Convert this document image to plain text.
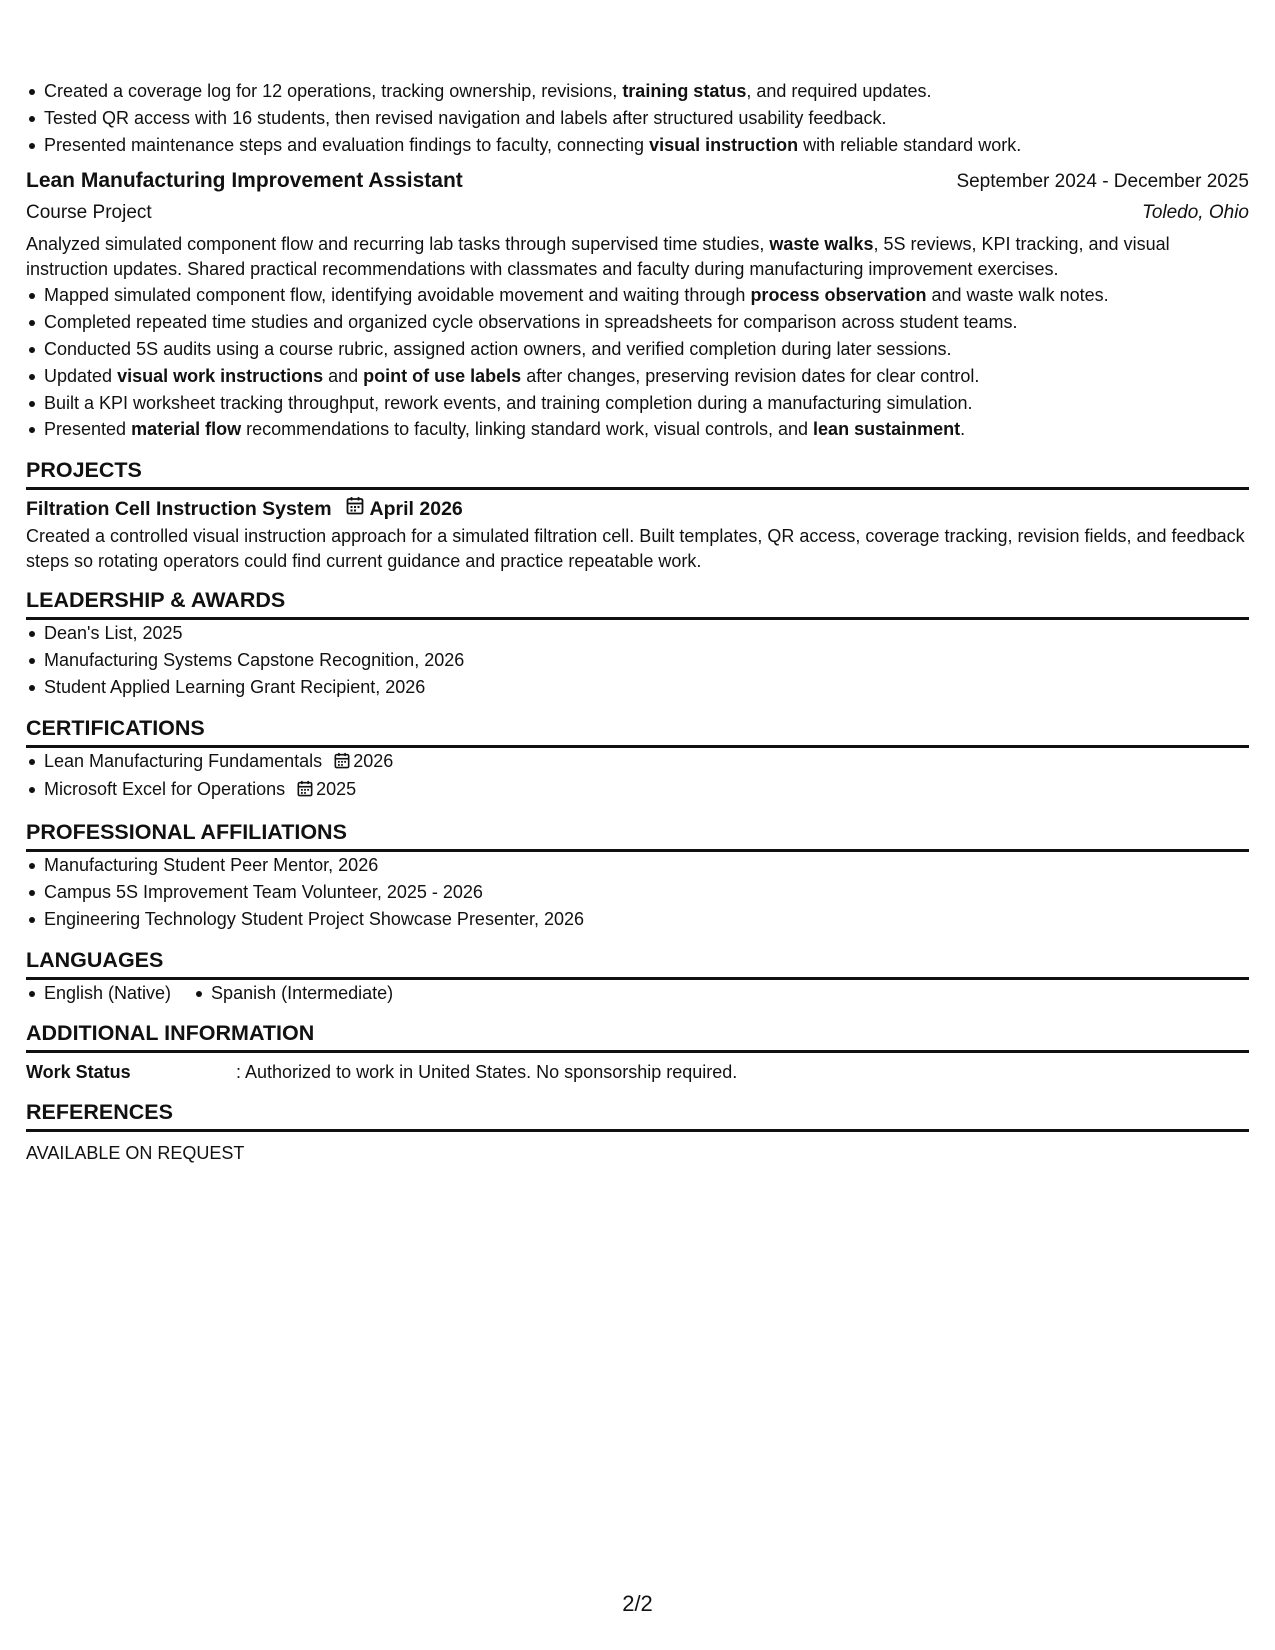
Created a coverage log for 12 operations, tracking ownership, revisions, training status, and required updates.
Tested QR access with 16 students, then revised navigation and labels after structured usability feedback.
Presented maintenance steps and evaluation findings to faculty, connecting visual instruction with reliable standard work.
Lean Manufacturing Improvement Assistant	September 2024 - December 2025
Course Project	Toledo, Ohio

Analyzed simulated component flow and recurring lab tasks through supervised time studies, waste walks, 5S reviews, KPI tracking, and visual instruction updates. Shared practical recommendations with classmates and faculty during manufacturing improvement exercises.

Mapped simulated component flow, identifying avoidable movement and waiting through process observation and waste walk notes.
Completed repeated time studies and organized cycle observations in spreadsheets for comparison across student teams.
Conducted 5S audits using a course rubric, assigned action owners, and verified completion during later sessions.
Updated visual work instructions and point of use labels after changes, preserving revision dates for clear control.
Built a KPI worksheet tracking throughput, rework events, and training completion during a manufacturing simulation.
Presented material flow recommendations to faculty, linking standard work, visual controls, and lean sustainment.
PROJECTS
Filtration Cell Instruction System April 2026

Created a controlled visual instruction approach for a simulated filtration cell. Built templates, QR access, coverage tracking, revision fields, and feedback steps so rotating operators could find current guidance and practice repeatable work.

LEADERSHIP & AWARDS
Dean's List, 2025
Manufacturing Systems Capstone Recognition, 2026
Student Applied Learning Grant Recipient, 2026
CERTIFICATIONS
Lean Manufacturing Fundamentals 2026
Microsoft Excel for Operations 2025
PROFESSIONAL AFFILIATIONS
Manufacturing Student Peer Mentor, 2026
Campus 5S Improvement Team Volunteer, 2025 - 2026
Engineering Technology Student Project Showcase Presenter, 2026
LANGUAGES
English (Native) Spanish (Intermediate)
ADDITIONAL INFORMATION
Work Status	: Authorized to work in United States. No sponsorship required.
REFERENCES
AVAILABLE ON REQUEST
2/2
